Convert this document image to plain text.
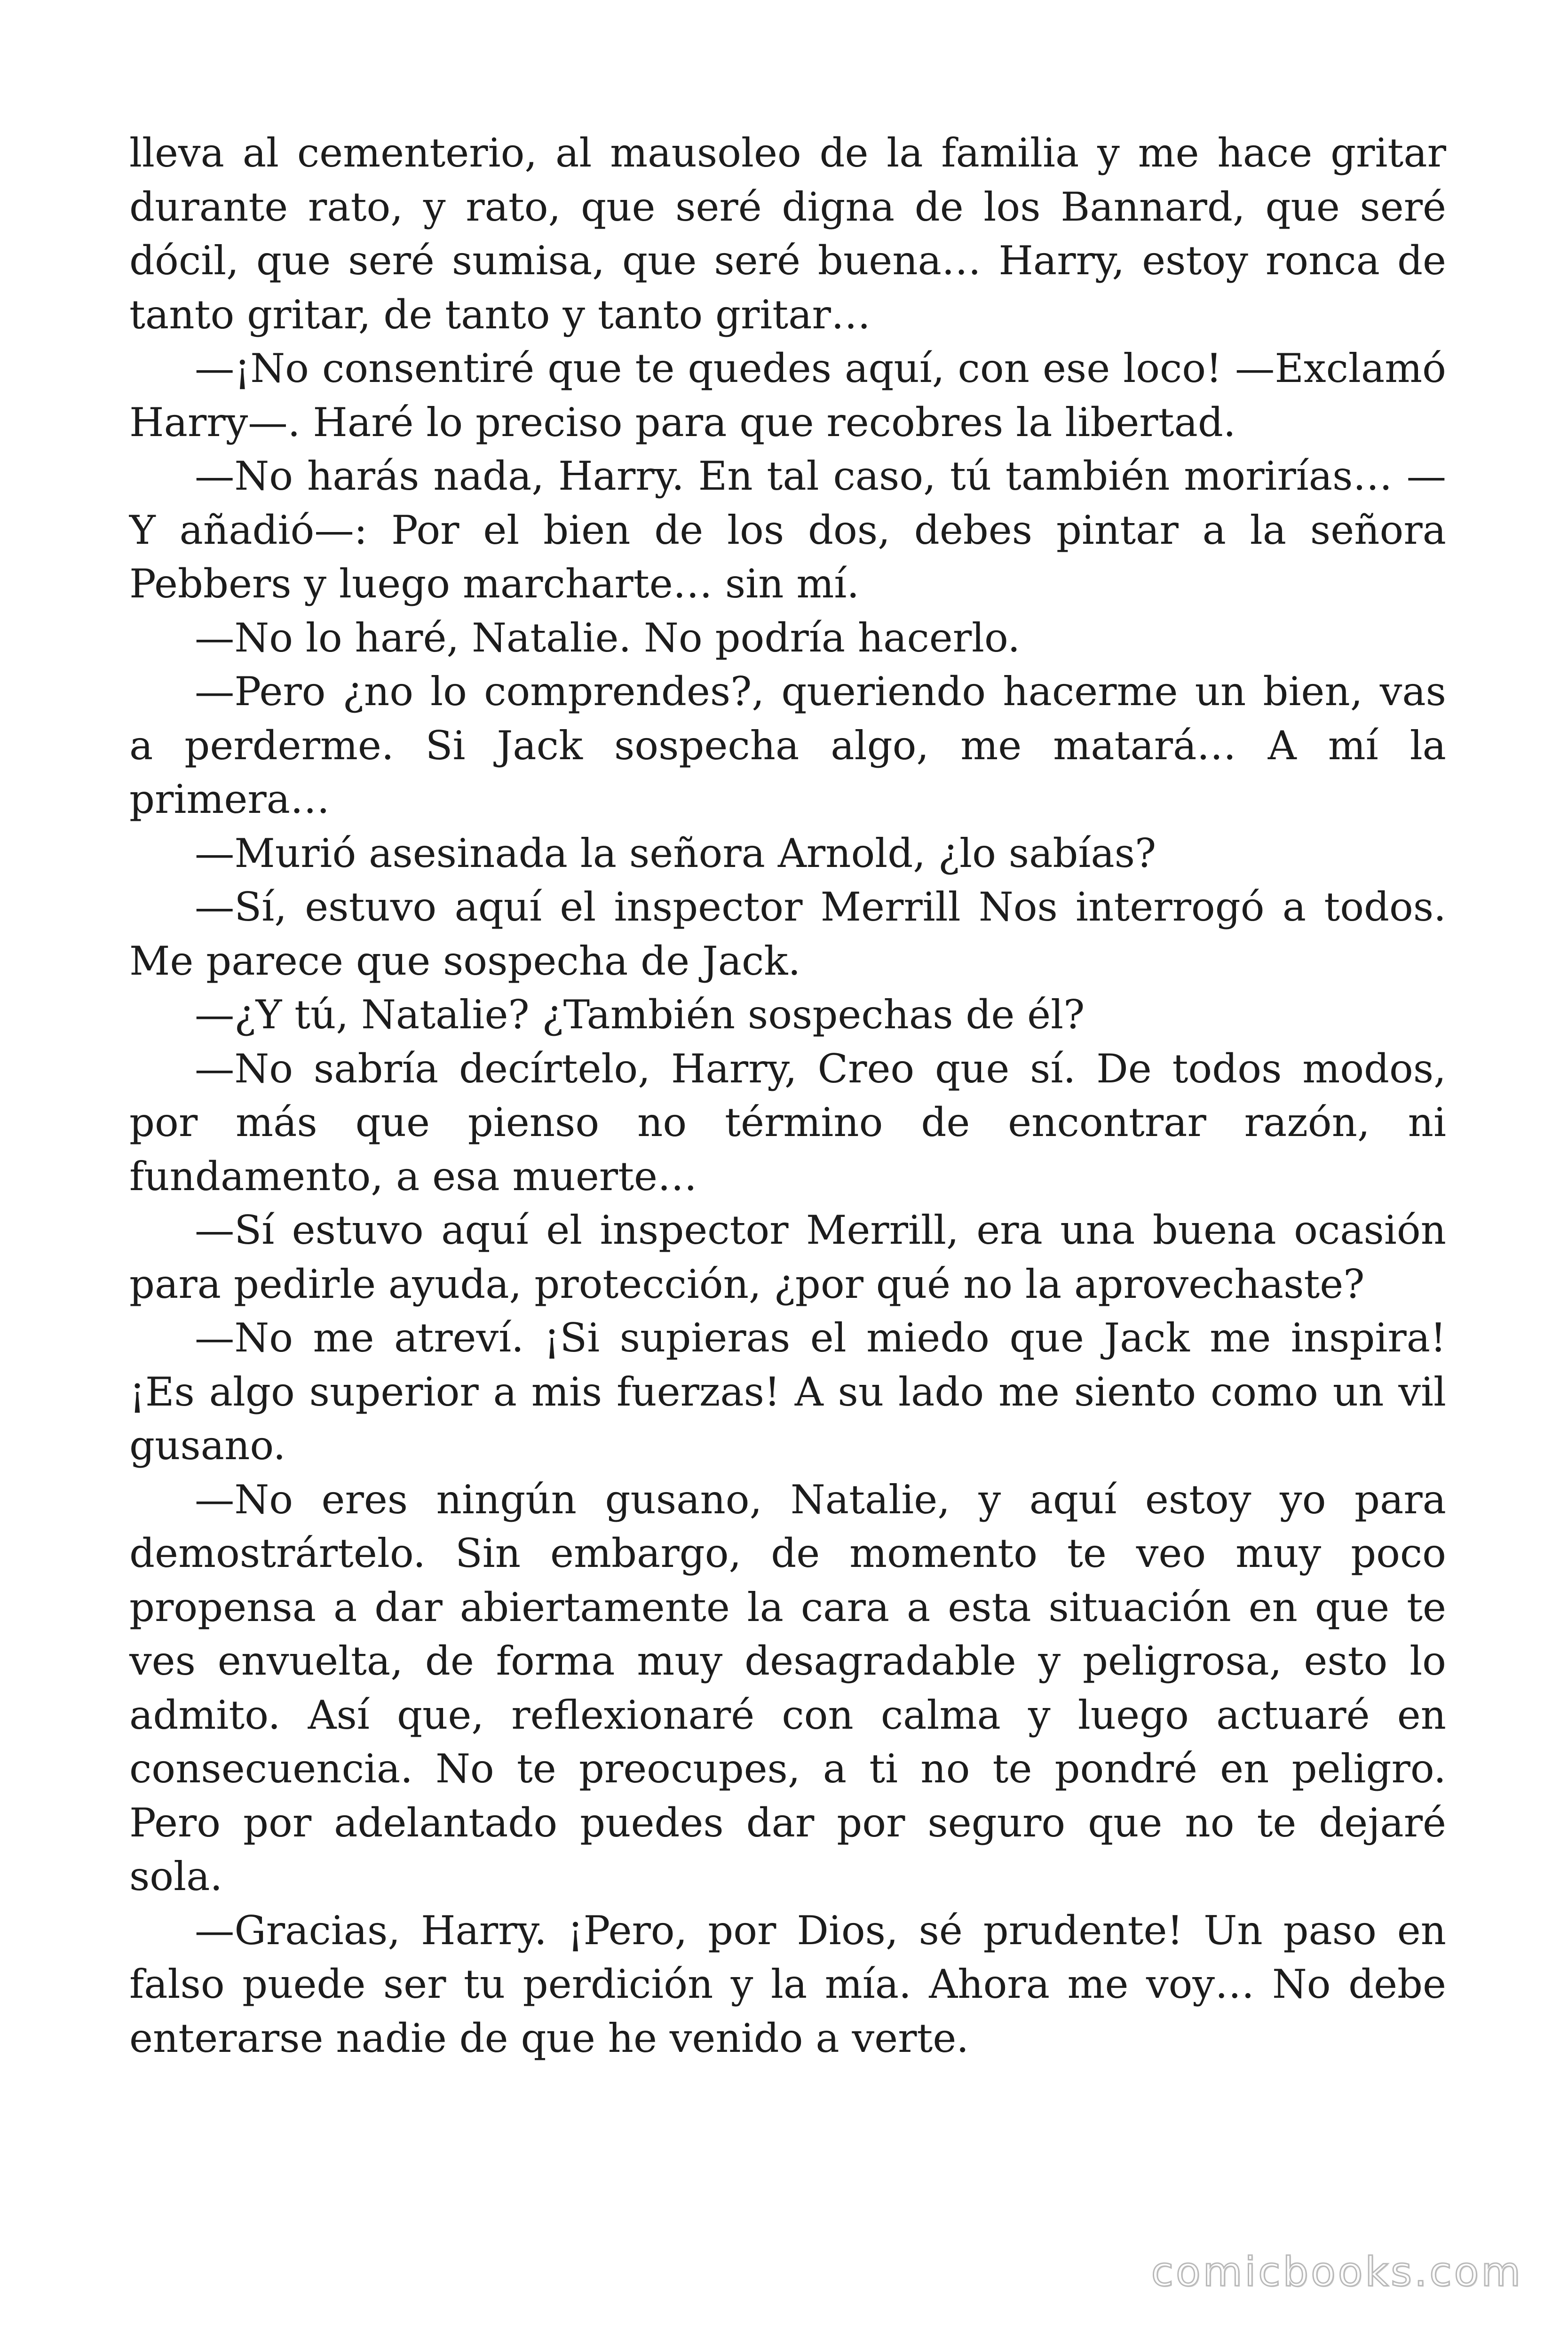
lleva al cementerio, al mausoleo de la familia y me hace gritar durante rato, y rato, que seré digna de los Bannard, que seré dócil, que seré sumisa, que seré buena… Harry, estoy ronca de tanto gritar, de tanto y tanto gritar…

—¡No consentiré que te quedes aquí, con ese loco! —Exclamó Harry—. Haré lo preciso para que recobres la libertad.

—No harás nada, Harry. En tal caso, tú también morirías… —Y añadió—: Por el bien de los dos, debes pintar a la señora Pebbers y luego marcharte… sin mí.

—No lo haré, Natalie. No podría hacerlo.

—Pero ¿no lo comprendes?, queriendo hacerme un bien, vas a perderme. Si Jack sospecha algo, me matará… A mí la primera…

—Murió asesinada la señora Arnold, ¿lo sabías?

—Sí, estuvo aquí el inspector Merrill Nos interrogó a todos. Me parece que sospecha de Jack.

—¿Y tú, Natalie? ¿También sospechas de él?

—No sabría decírtelo, Harry, Creo que sí. De todos modos, por más que pienso no término de encontrar razón, ni fundamento, a esa muerte…

—Sí estuvo aquí el inspector Merrill, era una buena ocasión para pedirle ayuda, protección, ¿por qué no la aprovechaste?

—No me atreví. ¡Si supieras el miedo que Jack me inspira! ¡Es algo superior a mis fuerzas! A su lado me siento como un vil gusano.

—No eres ningún gusano, Natalie, y aquí estoy yo para demostrártelo. Sin embargo, de momento te veo muy poco propensa a dar abiertamente la cara a esta situación en que te ves envuelta, de forma muy desagradable y peligrosa, esto lo admito. Así que, reflexionaré con calma y luego actuaré en consecuencia. No te preocupes, a ti no te pondré en peligro. Pero por adelantado puedes dar por seguro que no te dejaré sola.

—Gracias, Harry. ¡Pero, por Dios, sé prudente! Un paso en falso puede ser tu perdición y la mía. Ahora me voy… No debe enterarse nadie de que he venido a verte.

comicbooks.com
